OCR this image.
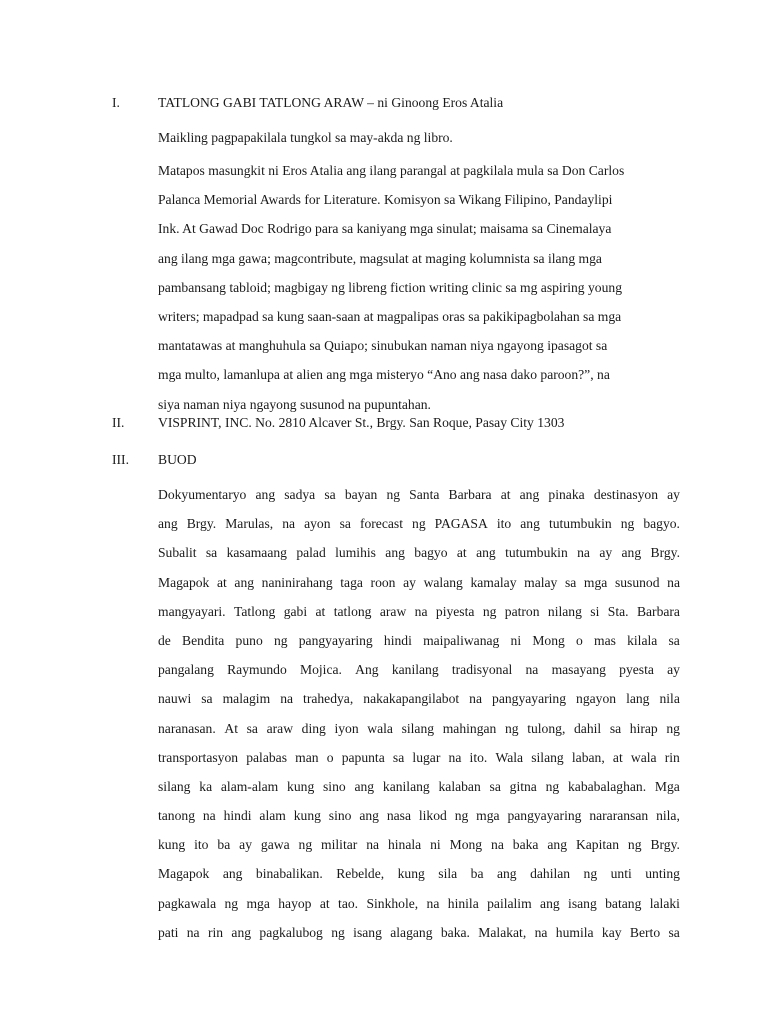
I.	TATLONG GABI TATLONG ARAW – ni Ginoong Eros Atalia
Maikling pagpapakilala tungkol sa may-akda ng libro.
Matapos masungkit ni Eros Atalia ang ilang parangal at pagkilala mula sa Don Carlos
Palanca Memorial Awards for Literature. Komisyon sa Wikang Filipino, Pandaylipi
Ink. At Gawad Doc Rodrigo para sa kaniyang mga sinulat; maisama sa Cinemalaya
ang ilang mga gawa; magcontribute, magsulat at maging kolumnista sa ilang mga
pambansang tabloid; magbigay ng libreng fiction writing clinic sa mg aspiring young
writers; mapadpad sa kung saan-saan at magpalipas oras sa pakikipagbolahan sa mga
mantatawas at manghuhula sa Quiapo; sinubukan naman niya ngayong ipasagot sa
mga multo, lamanlupa at alien ang mga misteryo “Ano ang nasa dako paroon?”, na
siya naman niya ngayong susunod na pupuntahan.
II. VISPRINT, INC. No. 2810 Alcaver St., Brgy. San Roque, Pasay City 1303
III. BUOD
Dokyumentaryo ang sadya sa bayan ng Santa Barbara at ang pinaka destinasyon ay
ang Brgy. Marulas, na ayon sa forecast ng PAGASA ito ang tutumbukin ng bagyo.
Subalit sa kasamaang palad lumihis ang bagyo at ang tutumbukin na ay ang Brgy.
Magapok at ang naninirahang taga roon ay walang kamalay malay sa mga susunod na
mangyayari. Tatlong gabi at tatlong araw na piyesta ng patron nilang si Sta. Barbara
de Bendita puno ng pangyayaring hindi maipaliwanag ni Mong o mas kilala sa
pangalang Raymundo Mojica. Ang kanilang tradisyonal na masayang pyesta ay
nauwi sa malagim na trahedya, nakakapangilabot na pangyayaring ngayon lang nila
naranasan. At sa araw ding iyon wala silang mahingan ng tulong, dahil sa hirap ng
transportasyon palabas man o papunta sa lugar na ito. Wala silang laban, at wala rin
silang ka alam-alam kung sino ang kanilang kalaban sa gitna ng kababalaghan. Mga
tanong na hindi alam kung sino ang nasa likod ng mga pangyayaring nararansan nila,
kung ito ba ay gawa ng militar na hinala ni Mong na baka ang Kapitan ng Brgy.
Magapok ang binabalikan. Rebelde, kung sila ba ang dahilan ng unti unting
pagkawala ng mga hayop at tao. Sinkhole, na hinila pailalim ang isang batang lalaki
pati na rin ang pagkalubog ng isang alagang baka. Malakat, na humila kay Berto sa
